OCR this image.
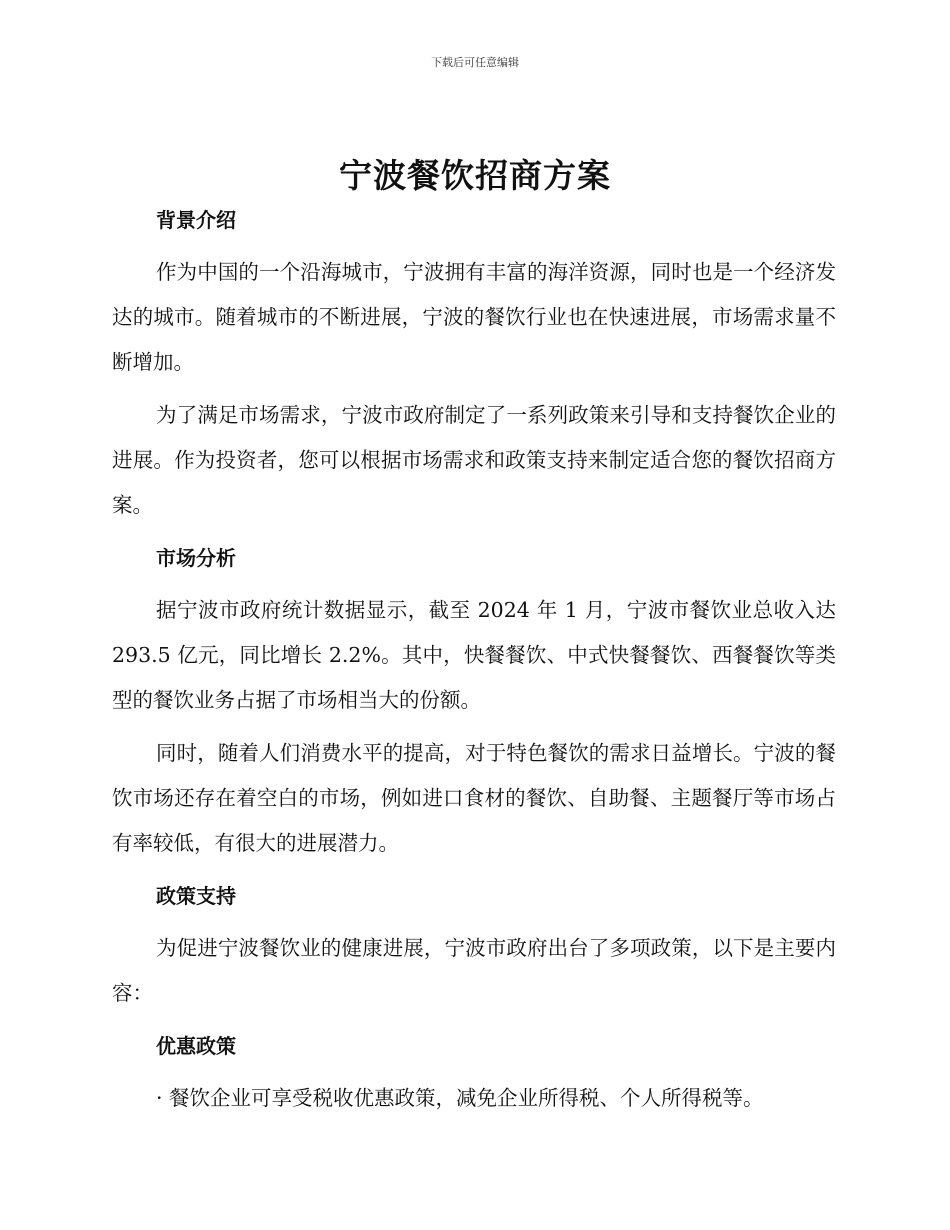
下载后可任意编辑
宁波餐饮招商方案
背景介绍

作为中国的一个沿海城市，宁波拥有丰富的海洋资源，同时也是一个经济发达的城市。随着城市的不断进展，宁波的餐饮行业也在快速进展，市场需求量不断增加。

为了满足市场需求，宁波市政府制定了一系列政策来引导和支持餐饮企业的进展。作为投资者，您可以根据市场需求和政策支持来制定适合您的餐饮招商方案。

市场分析

据宁波市政府统计数据显示，截至 2024 年 1 月，宁波市餐饮业总收入达 293.5 亿元，同比增长 2.2%。其中，快餐餐饮、中式快餐餐饮、西餐餐饮等类型的餐饮业务占据了市场相当大的份额。

同时，随着人们消费水平的提高，对于特色餐饮的需求日益增长。宁波的餐饮市场还存在着空白的市场，例如进口食材的餐饮、自助餐、主题餐厅等市场占有率较低，有很大的进展潜力。

政策支持

为促进宁波餐饮业的健康进展，宁波市政府出台了多项政策，以下是主要内容：

优惠政策

· 餐饮企业可享受税收优惠政策，减免企业所得税、个人所得税等。
